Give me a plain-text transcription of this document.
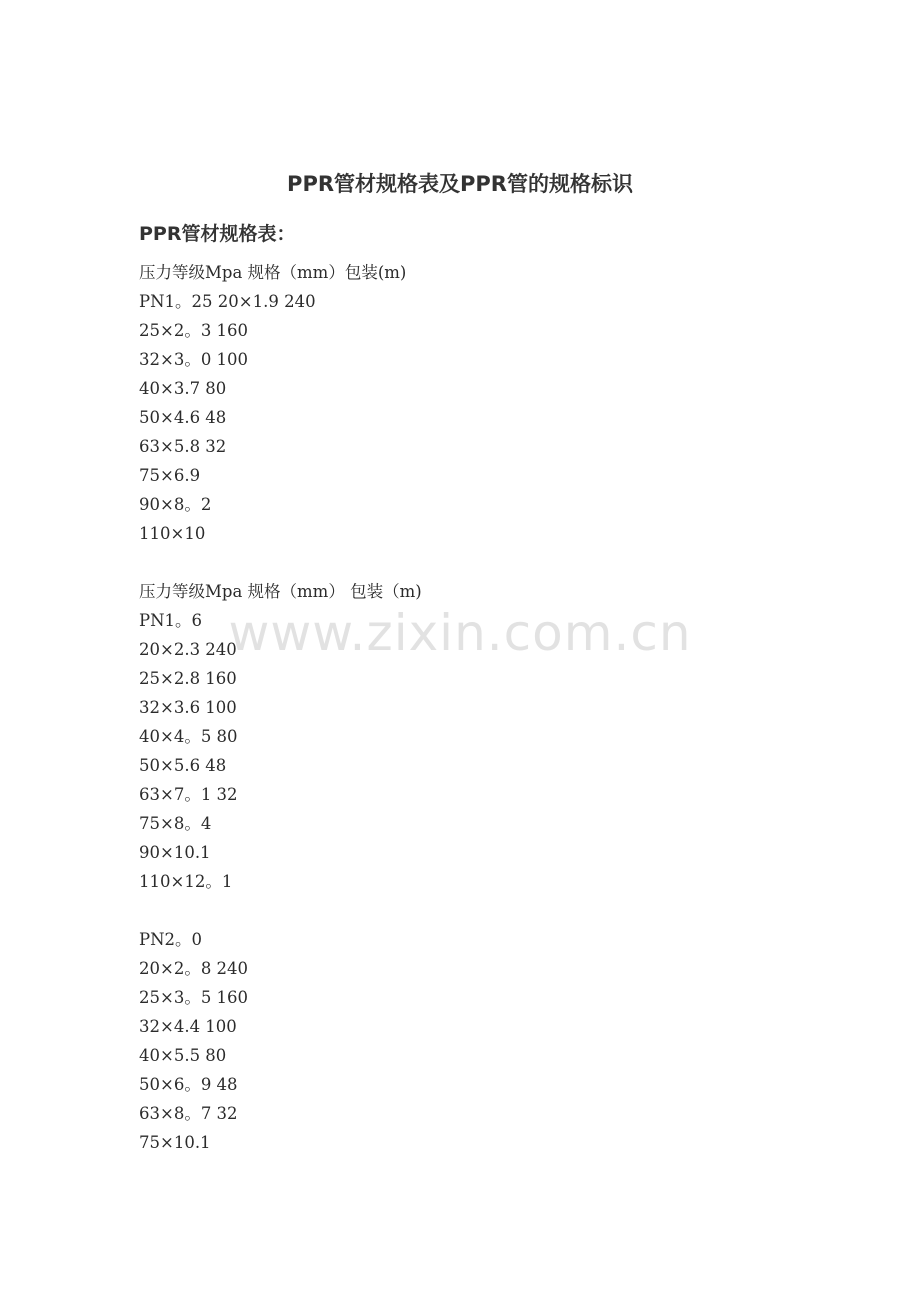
PPR管材规格表及PPR管的规格标识
PPR管材规格表：
压力等级Mpa 规格（mm）包装(m)
PN1。25 20×1.9 240
25×2。3 160
32×3。0 100
40×3.7 80
50×4.6 48
63×5.8 32
75×6.9
90×8。2
110×10
压力等级Mpa 规格（mm） 包装（m)
PN1。6
20×2.3 240
25×2.8 160
32×3.6 100
40×4。5 80
50×5.6 48
63×7。1 32
75×8。4
90×10.1
110×12。1
PN2。0
20×2。8 240
25×3。5 160
32×4.4 100
40×5.5 80
50×6。9 48
63×8。7 32
75×10.1
www.zixin.com.cn
